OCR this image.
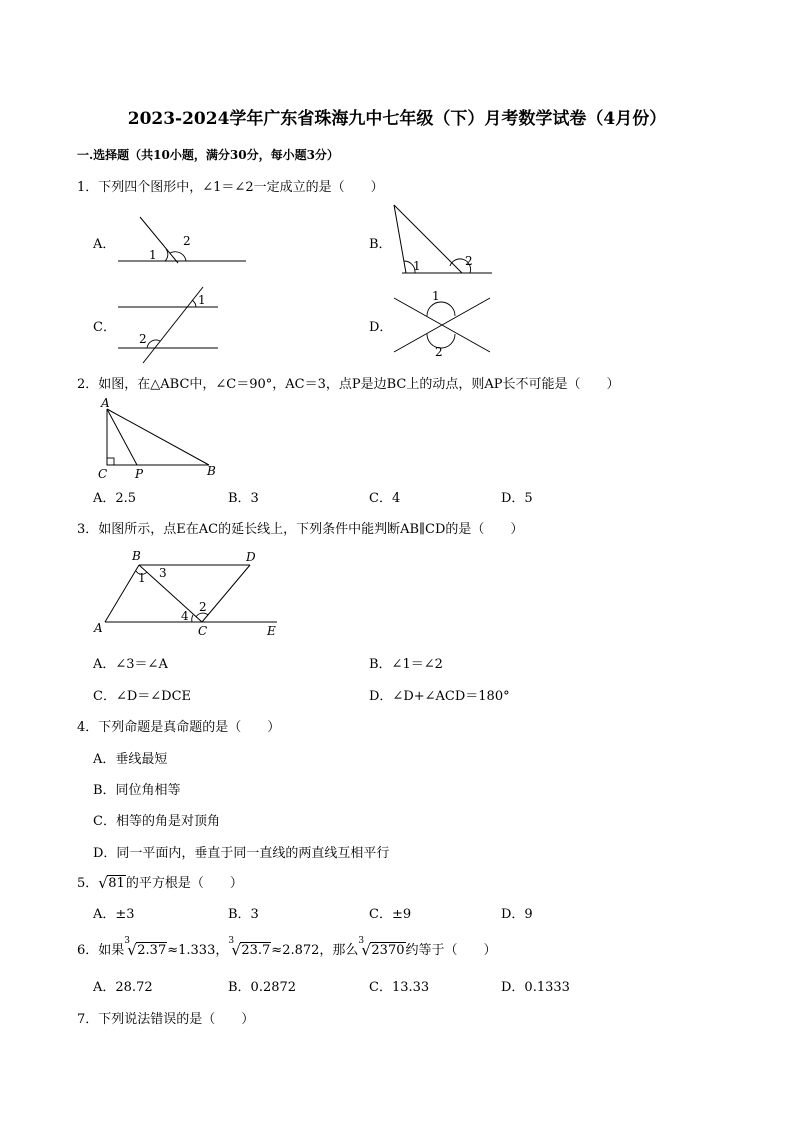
2023-2024学年广东省珠海九中七年级（下）月考数学试卷（4月份）
一.选择题（共10小题，满分30分，每小题3分）
1．下列四个图形中，∠1＝∠2一定成立的是（　　）
A．
1
2	B．
1	2
C．
1
2
D．
1
2
2．如图，在△ABC中，∠C＝90°，AC＝3，点P是边BC上的动点，则AP长不可能是（　　）
A
C P	B
A．2.5	B．3	C．4	D．5
3．如图所示，点E在AC的延长线上，下列条件中能判断AB∥CD的是（　　）
B	D
A	C	E
1 3
4
2
A．∠3＝∠A	B．∠1＝∠2
C．∠D＝∠DCE	D．∠D+∠ACD＝180°
4．下列命题是真命题的是（　　）
A．垂线最短
B．同位角相等
C．相等的角是对顶角
D．同一平面内，垂直于同一直线的两直线互相平行
5． √ 81的平方根是（　　）
A．±3	B．3	C．±9	D．9
6．如果
3
√ 2.37≈1.333，
3
√ 23.7≈2.872，那么
3
√ 2370约等于（　　）
A．28.72	B．0.2872	C．13.33	D．0.1333
7．下列说法错误的是（　　）
